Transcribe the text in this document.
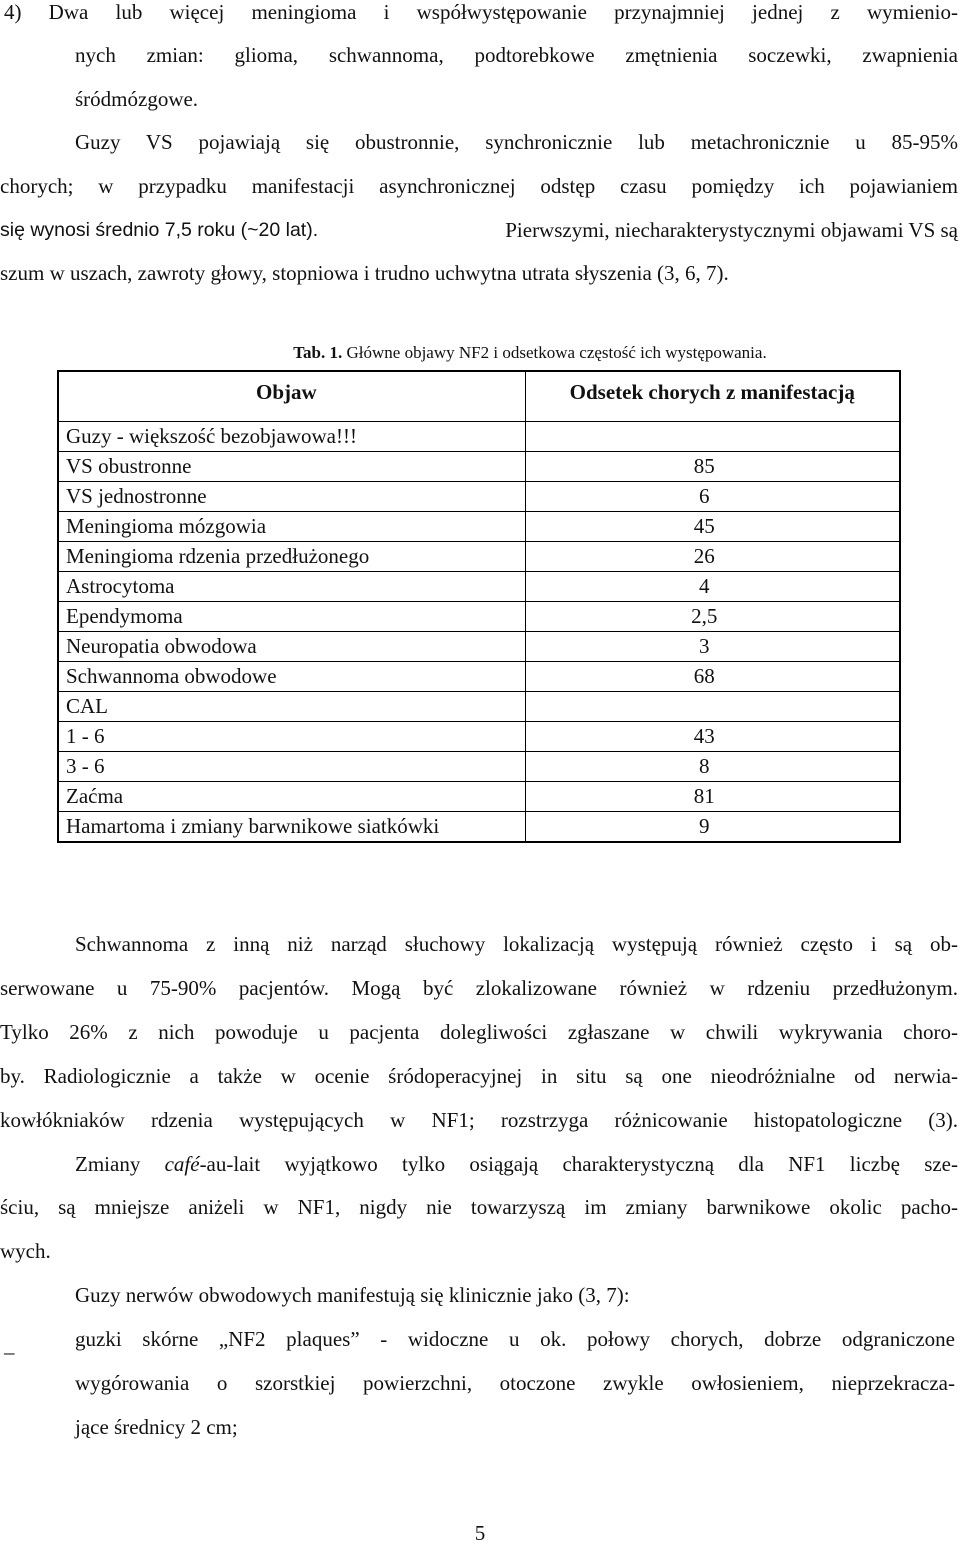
4) Dwa lub więcej meningioma i współwystępowanie przynajmniej jednej z wymienio-
nych zmian: glioma, schwannoma, podtorebkowe zmętnienia soczewki, zwapnienia
śródmózgowe.
Guzy VS pojawiają się obustronnie, synchronicznie lub metachronicznie u 85-95%
chorych; w przypadku manifestacji asynchronicznej odstęp czasu pomiędzy ich pojawianiem
się wynosi średnio 7,5 roku (~20 lat).	Pierwszymi, niecharakterystycznymi objawami VS są
szum w uszach, zawroty głowy, stopniowa i trudno uchwytna utrata słyszenia (3, 6, 7).
Tab. 1. Główne objawy NF2 i odsetkowa częstość ich występowania.
Objaw	Odsetek chorych z manifestacją
Guzy - większość bezobjawowa!!!	
VS obustronne	85
VS jednostronne	6
Meningioma mózgowia	45
Meningioma rdzenia przedłużonego	26
Astrocytoma	4
Ependymoma	2,5
Neuropatia obwodowa	3
Schwannoma obwodowe	68
CAL	
1 - 6	43
3 - 6	8
Zaćma	81
Hamartoma i zmiany barwnikowe siatkówki	9
Schwannoma z inną niż narząd słuchowy lokalizacją występują również często i są ob-
serwowane u 75-90% pacjentów. Mogą być zlokalizowane również w rdzeniu przedłużonym.
Tylko 26% z nich powoduje u pacjenta dolegliwości zgłaszane w chwili wykrywania choro-
by. Radiologicznie a także w ocenie śródoperacyjnej in situ są one nieodróżnialne od nerwia-
kowłókniaków rdzenia występujących w NF1; rozstrzyga różnicowanie histopatologiczne (3).
Zmiany café-au-lait wyjątkowo tylko osiągają charakterystyczną dla NF1 liczbę sze-
ściu, są mniejsze aniżeli w NF1, nigdy nie towarzyszą im zmiany barwnikowe okolic pacho-
wych.
Guzy nerwów obwodowych manifestują się klinicznie jako (3, 7):
–
guzki skórne „NF2 plaques” - widoczne u ok. połowy chorych, dobrze odgraniczone
wygórowania o szorstkiej powierzchni, otoczone zwykle owłosieniem, nieprzekracza-
jące średnicy 2 cm;
5
